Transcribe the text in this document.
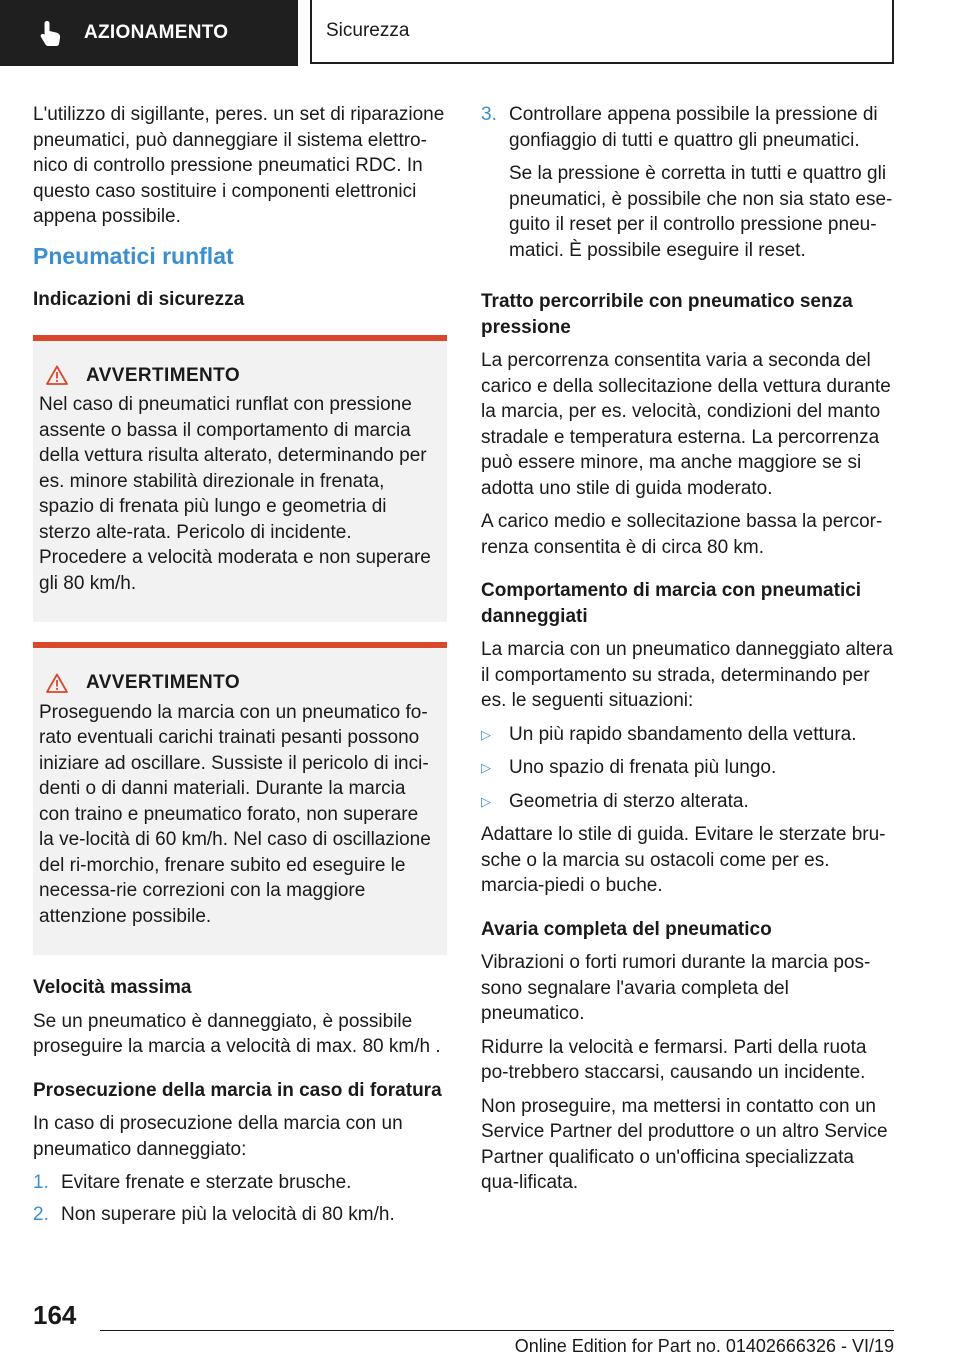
AZIONAMENTO	Sicurezza

L'utilizzo di sigillante, peres. un set di riparazione pneumatici, può danneggiare il sistema elettro-nico di controllo pressione pneumatici RDC. In questo caso sostituire i componenti elettronici appena possibile.

Pneumatici runflat

Indicazioni di sicurezza

AVVERTIMENTO

Nel caso di pneumatici runflat con pressione assente o bassa il comportamento di marcia della vettura risulta alterato, determinando per es. minore stabilità direzionale in frenata, spazio di frenata più lungo e geometria di sterzo alte-rata. Pericolo di incidente. Procedere a velocità moderata e non superare gli 80 km/h.

AVVERTIMENTO

Proseguendo la marcia con un pneumatico fo-rato eventuali carichi trainati pesanti possono iniziare ad oscillare. Sussiste il pericolo di inci-denti o di danni materiali. Durante la marcia con traino e pneumatico forato, non superare la ve-locità di 60 km/h. Nel caso di oscillazione del ri-morchio, frenare subito ed eseguire le necessa-rie correzioni con la maggiore attenzione possibile.

Velocità massima

Se un pneumatico è danneggiato, è possibile proseguire la marcia a velocità di max. 80 km/h .

Prosecuzione della marcia in caso di foratura

In caso di prosecuzione della marcia con un pneumatico danneggiato:

1. Evitare frenate e sterzate brusche.
2. Non superare più la velocità di 80 km/h.
3. Controllare appena possibile la pressione di gonfiaggio di tutti e quattro gli pneumatici.

Se la pressione è corretta in tutti e quattro gli pneumatici, è possibile che non sia stato ese-guito il reset per il controllo pressione pneu-matici. È possibile eseguire il reset.

Tratto percorribile con pneumatico senza pressione

La percorrenza consentita varia a seconda del carico e della sollecitazione della vettura durante la marcia, per es. velocità, condizioni del manto stradale e temperatura esterna. La percorrenza può essere minore, ma anche maggiore se si adotta uno stile di guida moderato.

A carico medio e sollecitazione bassa la percor-renza consentita è di circa 80 km.

Comportamento di marcia con pneumatici danneggiati

La marcia con un pneumatico danneggiato altera il comportamento su strada, determinando per es. le seguenti situazioni:

▷ Un più rapido sbandamento della vettura.
▷ Uno spazio di frenata più lungo.
▷ Geometria di sterzo alterata.

Adattare lo stile di guida. Evitare le sterzate bru-sche o la marcia su ostacoli come per es. marcia-piedi o buche.

Avaria completa del pneumatico

Vibrazioni o forti rumori durante la marcia pos-sono segnalare l'avaria completa del pneumatico.

Ridurre la velocità e fermarsi. Parti della ruota po-trebbero staccarsi, causando un incidente.

Non proseguire, ma mettersi in contatto con un Service Partner del produttore o un altro Service Partner qualificato o un'officina specializzata qua-lificata.

164
Online Edition for Part no. 01402666326 - VI/19
